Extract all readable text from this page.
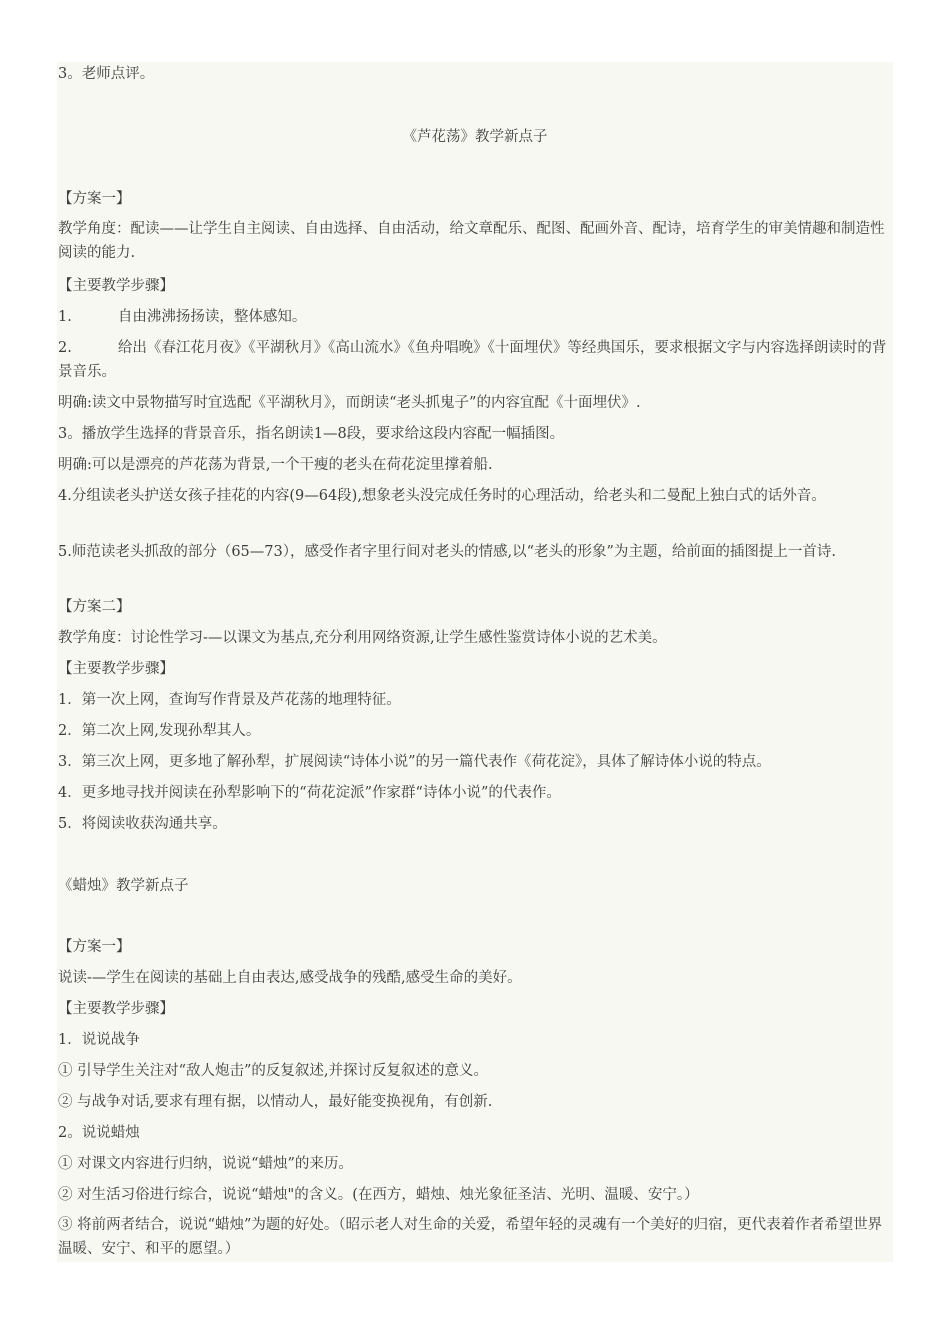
3。老师点评。
《芦花荡》教学新点子
【方案一】
教学角度：配读——让学生自主阅读、自由选择、自由活动，给文章配乐、配图、配画外音、配诗，培育学生的审美情趣和制造性阅读的能力.
【主要教学步骤】
1.	自由沸沸扬扬读，整体感知。
2.	给出《春江花月夜》《平湖秋月》《高山流水》《鱼舟唱晚》《十面埋伏》等经典国乐，要求根据文字与内容选择朗读时的背景音乐。
明确:读文中景物描写时宜选配《平湖秋月》，而朗读“老头抓鬼子”的内容宜配《十面埋伏》.
3。播放学生选择的背景音乐，指名朗读1—8段，要求给这段内容配一幅插图。
明确:可以是漂亮的芦花荡为背景,一个干瘦的老头在荷花淀里撑着船.
4.分组读老头护送女孩子挂花的内容(9—64段),想象老头没完成任务时的心理活动，给老头和二曼配上独白式的话外音。
5.师范读老头抓敌的部分（65—73），感受作者字里行间对老头的情感,以“老头的形象”为主题，给前面的插图提上一首诗.
【方案二】
教学角度：讨论性学习-—以课文为基点,充分利用网络资源,让学生感性鉴赏诗体小说的艺术美。
【主要教学步骤】
1．第一次上网，查询写作背景及芦花荡的地理特征。
2．第二次上网,发现孙犁其人。
3．第三次上网，更多地了解孙犁，扩展阅读“诗体小说”的另一篇代表作《荷花淀》，具体了解诗体小说的特点。
4．更多地寻找并阅读在孙犁影响下的“荷花淀派”作家群“诗体小说”的代表作。
5．将阅读收获沟通共享。
《蜡烛》教学新点子
【方案一】
说读-—学生在阅读的基础上自由表达,感受战争的残酷,感受生命的美好。
【主要教学步骤】
1．说说战争
① 引导学生关注对“敌人炮击”的反复叙述,并探讨反复叙述的意义。
② 与战争对话,要求有理有据，以情动人，最好能变换视角，有创新.
2。说说蜡烛
① 对课文内容进行归纳，说说“蜡烛”的来历。
② 对生活习俗进行综合，说说“蜡烛"的含义。(在西方，蜡烛、烛光象征圣洁、光明、温暖、安宁。）
③ 将前两者结合，说说“蜡烛”为题的好处。（昭示老人对生命的关爱，希望年轻的灵魂有一个美好的归宿，更代表着作者希望世界温暖、安宁、和平的愿望。）
